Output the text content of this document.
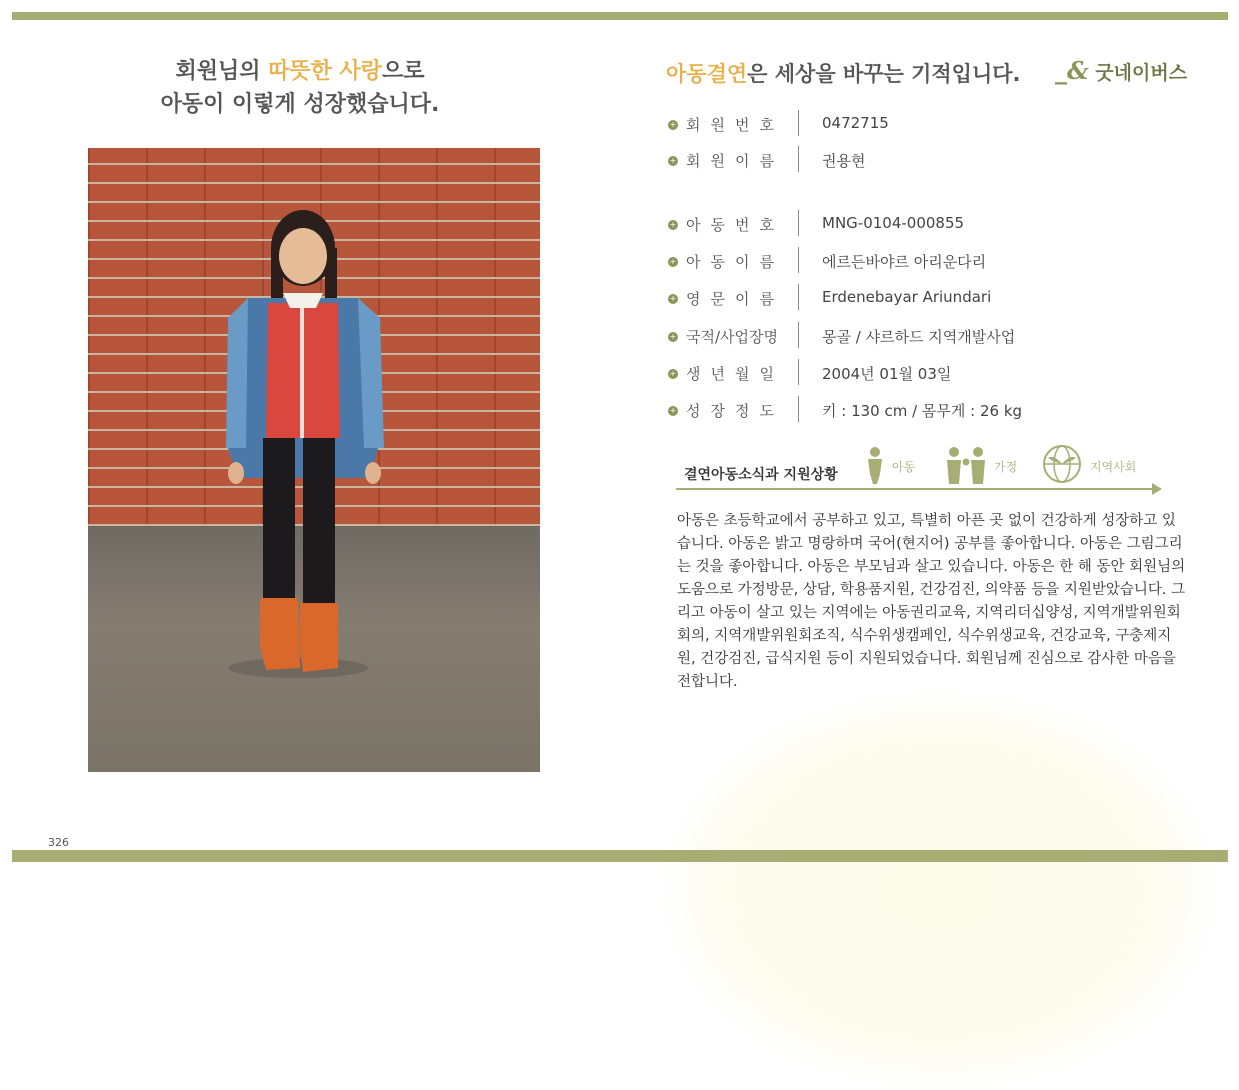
회원님의 따뜻한 사랑으로
아동이 이렇게 성장했습니다.
아동결연은 세상을 바꾸는 기적입니다. _& 굿네이버스
+ 회원번호	0472715
+ 회원이름	권용현
+ 아동번호	MNG-0104-000855
+ 아동이름	에르든바야르 아리운다리
+ 영문이름	Erdenebayar Ariundari
+ 국적/사업장명	몽골 / 샤르하드 지역개발사업
+ 생년월일	2004년 01월 03일
+ 성장정도	키 : 130 cm / 몸무게 : 26 kg
결연아동소식과 지원상황	아동	가정	지역사회
아동은 초등학교에서 공부하고 있고, 특별히 아픈 곳 없이 건강하게 성장하고 있습니다. 아동은 밝고 명랑하며 국어(현지어) 공부를 좋아합니다. 아동은 그림그리는 것을 좋아합니다. 아동은 부모님과 살고 있습니다. 아동은 한 해 동안 회원님의 도움으로 가정방문, 상담, 학용품지원, 건강검진, 의약품 등을 지원받았습니다. 그리고 아동이 살고 있는 지역에는 아동권리교육, 지역리더십양성, 지역개발위원회회의, 지역개발위원회조직, 식수위생캠페인, 식수위생교육, 건강교육, 구충제지원, 건강검진, 급식지원 등이 지원되었습니다. 회원님께 진심으로 감사한 마음을 전합니다.
326
